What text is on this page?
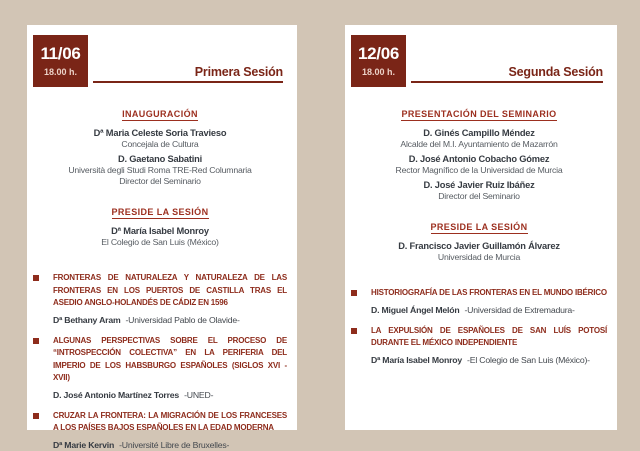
11/06
18.00 h.	Primera Sesión
INAUGURACIÓN

Dª Maria Celeste Soria Travieso

Concejala de Cultura

D. Gaetano Sabatini

Università degli Studi Roma TRE-Red Columnaria

Director del Seminario

PRESIDE LA SESIÓN

Dª María Isabel Monroy

El Colegio de San Luis (México)

FRONTERAS DE NATURALEZA Y NATURALEZA DE LAS FRONTERAS EN LOS PUERTOS DE CASTILLA TRAS EL ASEDIO ANGLO-HOLANDÉS DE CÁDIZ EN 1596

Dª Bethany Aram -Universidad Pablo de Olavide-

ALGUNAS PERSPECTIVAS SOBRE EL PROCESO DE “INTROSPECCIÓN COLECTIVA” EN LA PERIFERIA DEL IMPERIO DE LOS HABSBURGO ESPAÑOLES (SIGLOS XVI - XVII)

D. José Antonio Martínez Torres -UNED-

CRUZAR LA FRONTERA: LA MIGRACIÓN DE LOS FRANCESES A LOS PAÍSES BAJOS ESPAÑOLES EN LA EDAD MODERNA

Dª Marie Kervin -Université Libre de Bruxelles-

12/06
18.00 h.	Segunda Sesión
PRESENTACIÓN DEL SEMINARIO

D. Ginés Campillo Méndez

Alcalde del M.I. Ayuntamiento de Mazarrón

D. José Antonio Cobacho Gómez

Rector Magnífico de la Universidad de Murcia

D. José Javier Ruiz Ibáñez

Director del Seminario

PRESIDE LA SESIÓN

D. Francisco Javier Guillamón Álvarez

Universidad de Murcia

HISTORIOGRAFÍA DE LAS FRONTERAS EN EL MUNDO IBÉRICO

D. Miguel Ángel Melón -Universidad de Extremadura-

LA EXPULSIÓN DE ESPAÑOLES DE SAN LUÍS POTOSÍ DURANTE EL MÉXICO INDEPENDIENTE

Dª María Isabel Monroy -El Colegio de San Luis (México)-
